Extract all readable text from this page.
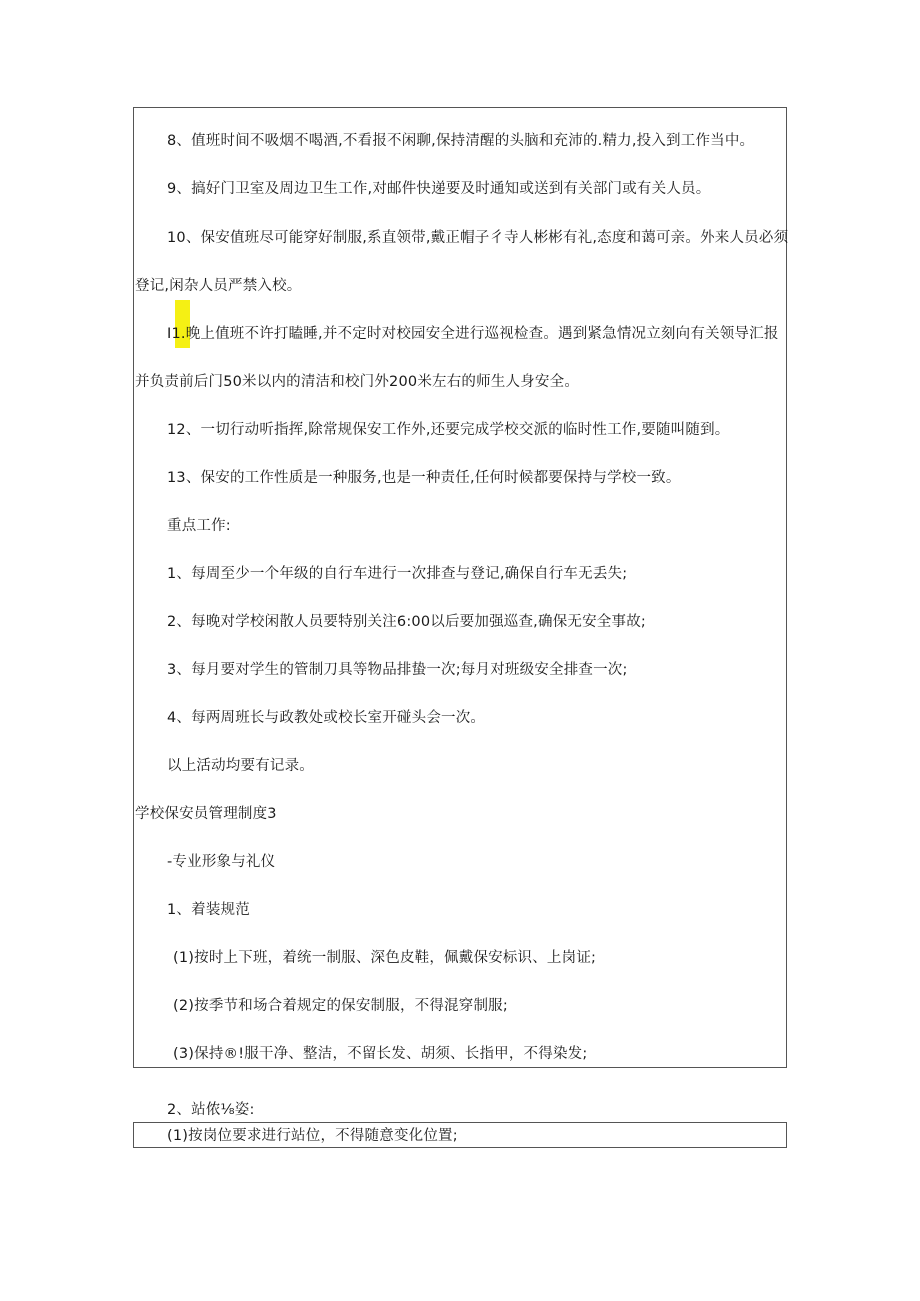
8、值班时间不吸烟不喝酒,不看报不闲聊,保持清醒的头脑和充沛的.精力,投入到工作当中。
9、搞好门卫室及周边卫生工作,对邮件快递要及时通知或送到有关部门或有关人员。
10、保安值班尽可能穿好制服,系直领带,戴正帽子彳寺人彬彬有礼,态度和蔼可亲。外来人员必须
登记,闲杂人员严禁入校。
I1.晚上值班不许打瞌睡,并不定时对校园安全进行巡视检查。遇到紧急情况立刻向有关领导汇报
并负责前后门50米以内的清洁和校门外200米左右的师生人身安全。
12、一切行动听指挥,除常规保安工作外,还要完成学校交派的临时性工作,要随叫随到。
13、保安的工作性质是一种服务,也是一种责任,任何时候都要保持与学校一致。
重点工作:
1、每周至少一个年级的自行车进行一次排查与登记,确保自行车无丢失;
2、每晚对学校闲散人员要特别关注6:00以后要加强巡查,确保无安全事故;
3、每月要对学生的管制刀具等物品排蛰一次;每月对班级安全排查一次;
4、每两周班长与政教处或校长室开碰头会一次。
以上活动均要有记录。
学校保安员管理制度3
-专业形象与礼仪
1、着装规范
(1)按时上下班，着统一制服、深色皮鞋，佩戴保安标识、上岗证;
(2)按季节和场合着规定的保安制服，不得混穿制服;
(3)保持®!服干净、整洁，不留长发、胡须、长指甲，不得染发;
2、站侬⅛姿:
(1)按岗位要求进行站位，不得随意变化位置;
